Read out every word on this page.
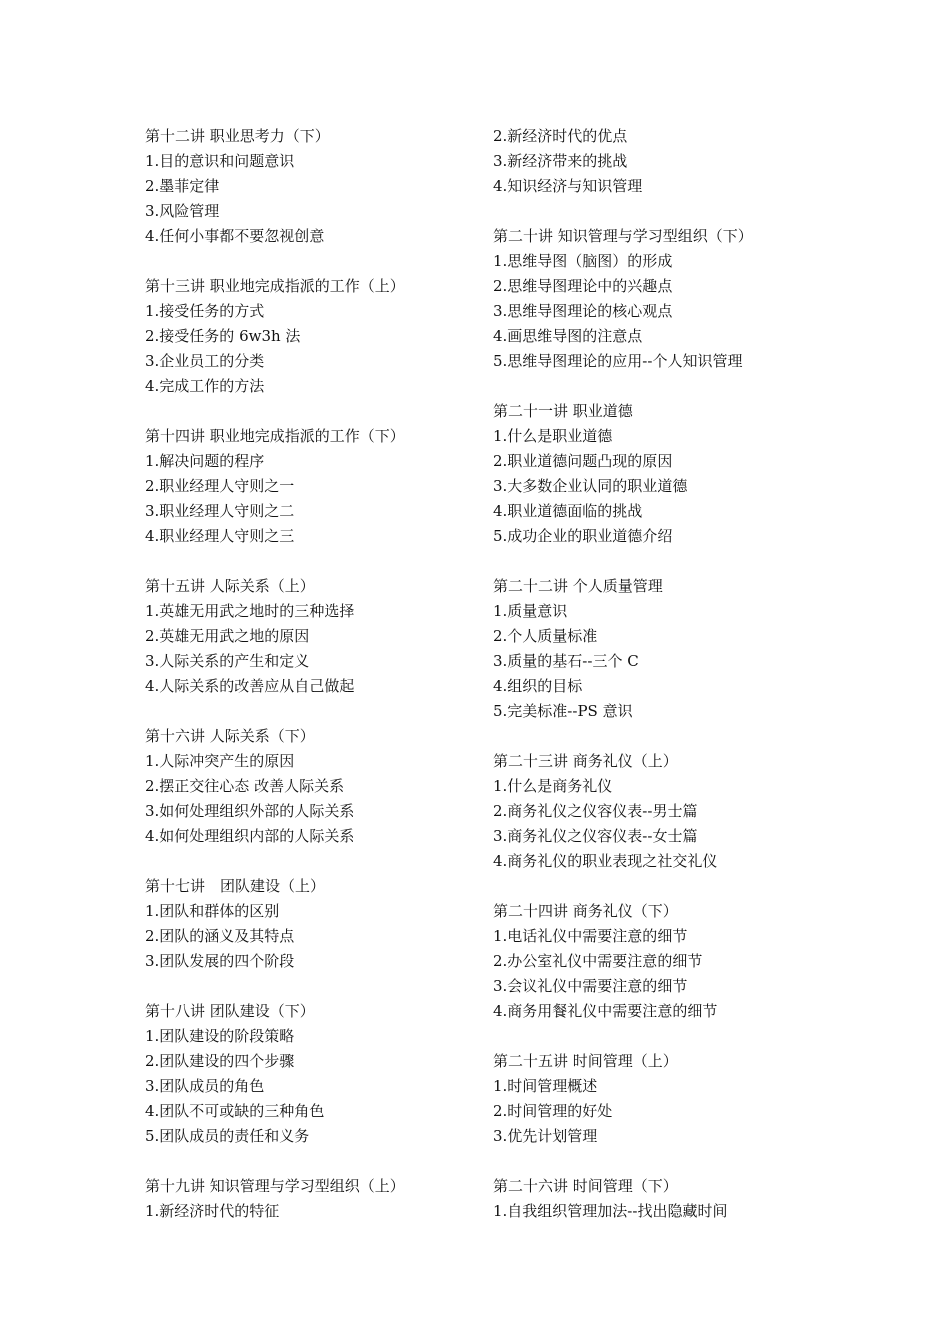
第十二讲 职业思考力（下）
1.目的意识和问题意识
2.墨菲定律
3.风险管理
4.任何小事都不要忽视创意
第十三讲 职业地完成指派的工作（上）
1.接受任务的方式
2.接受任务的 6w3h 法
3.企业员工的分类
4.完成工作的方法
第十四讲 职业地完成指派的工作（下）
1.解决问题的程序
2.职业经理人守则之一
3.职业经理人守则之二
4.职业经理人守则之三
第十五讲 人际关系（上）
1.英雄无用武之地时的三种选择
2.英雄无用武之地的原因
3.人际关系的产生和定义
4.人际关系的改善应从自己做起
第十六讲 人际关系（下）
1.人际冲突产生的原因
2.摆正交往心态 改善人际关系
3.如何处理组织外部的人际关系
4.如何处理组织内部的人际关系
第十七讲　团队建设（上）
1.团队和群体的区别
2.团队的涵义及其特点
3.团队发展的四个阶段
第十八讲 团队建设（下）
1.团队建设的阶段策略
2.团队建设的四个步骤
3.团队成员的角色
4.团队不可或缺的三种角色
5.团队成员的责任和义务
第十九讲 知识管理与学习型组织（上）
1.新经济时代的特征
2.新经济时代的优点
3.新经济带来的挑战
4.知识经济与知识管理
第二十讲 知识管理与学习型组织（下）
1.思维导图（脑图）的形成
2.思维导图理论中的兴趣点
3.思维导图理论的核心观点
4.画思维导图的注意点
5.思维导图理论的应用--个人知识管理
第二十一讲 职业道德
1.什么是职业道德
2.职业道德问题凸现的原因
3.大多数企业认同的职业道德
4.职业道德面临的挑战
5.成功企业的职业道德介绍
第二十二讲 个人质量管理
1.质量意识
2.个人质量标准
3.质量的基石--三个 C
4.组织的目标
5.完美标准--PS 意识
第二十三讲 商务礼仪（上）
1.什么是商务礼仪
2.商务礼仪之仪容仪表--男士篇
3.商务礼仪之仪容仪表--女士篇
4.商务礼仪的职业表现之社交礼仪
第二十四讲 商务礼仪（下）
1.电话礼仪中需要注意的细节
2.办公室礼仪中需要注意的细节
3.会议礼仪中需要注意的细节
4.商务用餐礼仪中需要注意的细节
第二十五讲 时间管理（上）
1.时间管理概述
2.时间管理的好处
3.优先计划管理
第二十六讲 时间管理（下）
1.自我组织管理加法--找出隐藏时间
